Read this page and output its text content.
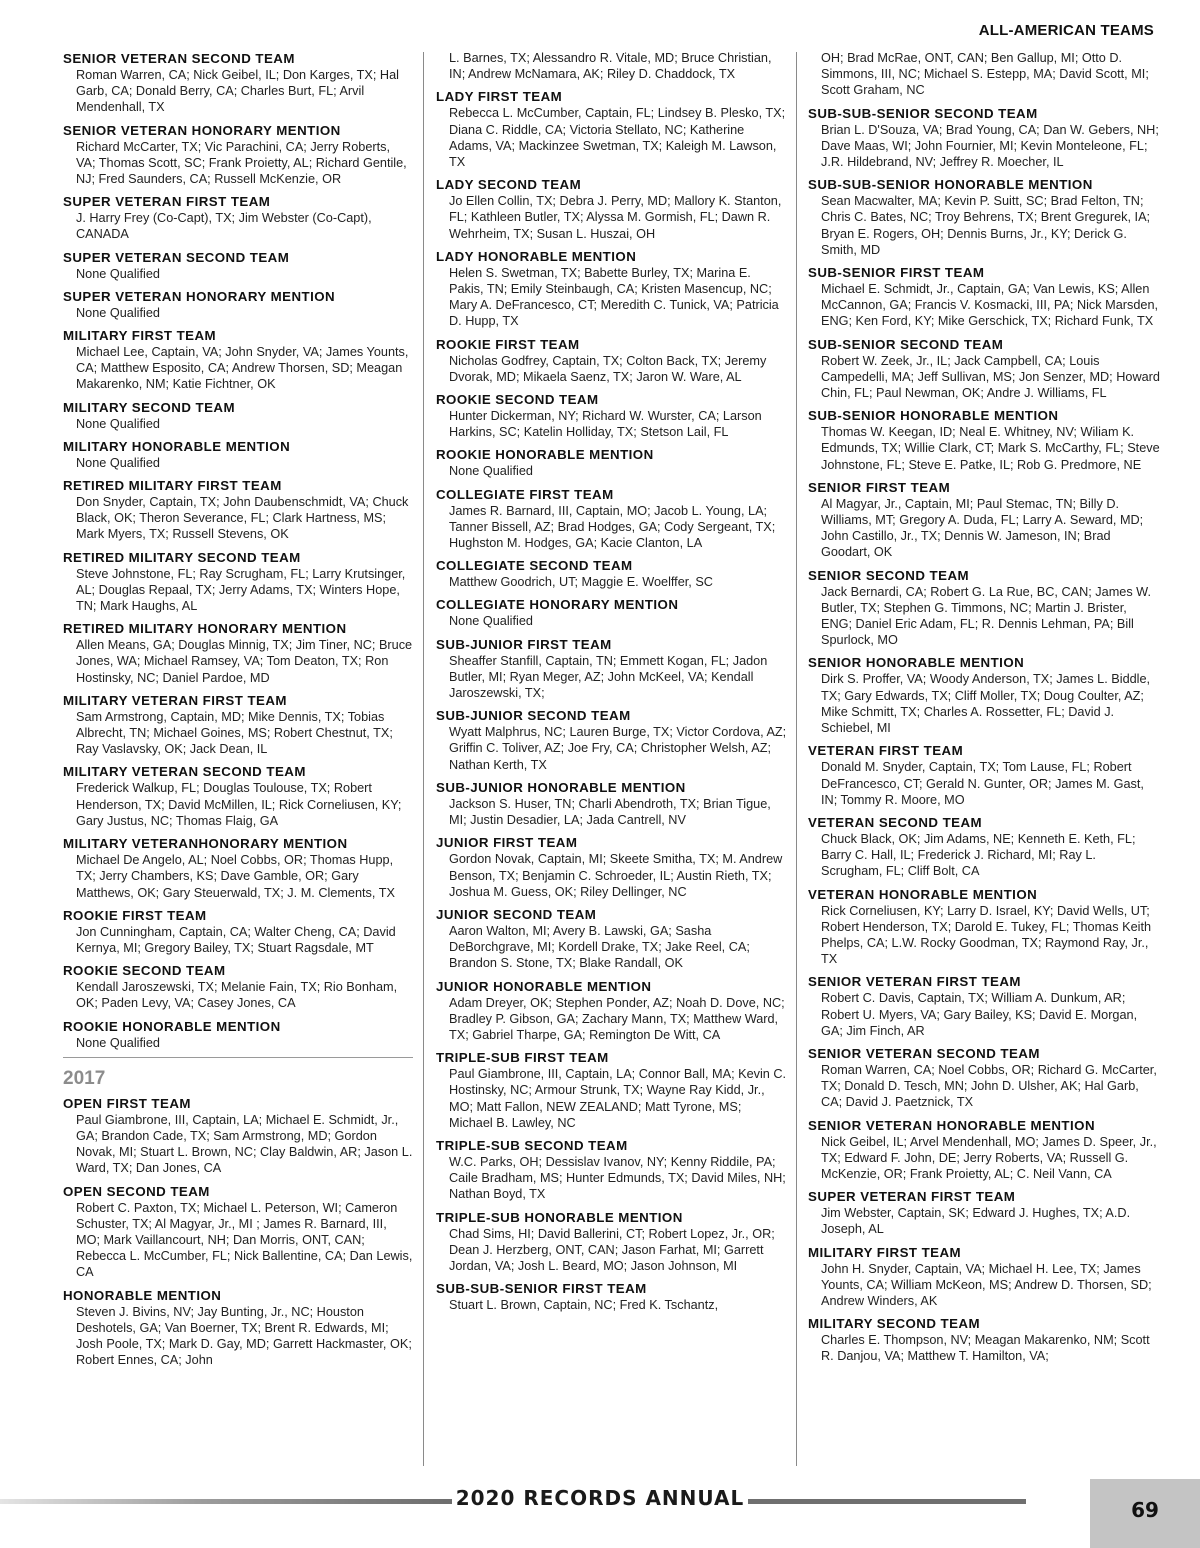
ALL-AMERICAN TEAMS
SENIOR VETERAN SECOND TEAM

Roman Warren, CA; Nick Geibel, IL; Don Karges, TX; Hal Garb, CA; Donald Berry, CA; Charles Burt, FL; Arvil Mendenhall, TX

SENIOR VETERAN HONORARY MENTION

Richard McCarter, TX; Vic Parachini, CA; Jerry Roberts, VA; Thomas Scott, SC; Frank Proietty, AL; Richard Gentile, NJ; Fred Saunders, CA; Russell McKenzie, OR

SUPER VETERAN FIRST TEAM

J. Harry Frey (Co-Capt), TX; Jim Webster (Co-Capt), CANADA

SUPER VETERAN SECOND TEAM

None Qualified

SUPER VETERAN HONORARY MENTION

None Qualified

MILITARY FIRST TEAM

Michael Lee, Captain, VA; John Snyder, VA; James Younts, CA; Matthew Esposito, CA; Andrew Thorsen, SD; Meagan Makarenko, NM; Katie Fichtner, OK

MILITARY SECOND TEAM

None Qualified

MILITARY HONORABLE MENTION

None Qualified

RETIRED MILITARY FIRST TEAM

Don Snyder, Captain, TX; John Daubenschmidt, VA; Chuck Black, OK; Theron Severance, FL; Clark Hartness, MS; Mark Myers, TX; Russell Stevens, OK

RETIRED MILITARY SECOND TEAM

Steve Johnstone, FL; Ray Scrugham, FL; Larry Krutsinger, AL; Douglas Repaal, TX; Jerry Adams, TX; Winters Hope, TN; Mark Haughs, AL

RETIRED MILITARY HONORARY MENTION

Allen Means, GA; Douglas Minnig, TX; Jim Tiner, NC; Bruce Jones, WA; Michael Ramsey, VA; Tom Deaton, TX; Ron Hostinsky, NC; Daniel Pardoe, MD

MILITARY VETERAN FIRST TEAM

Sam Armstrong, Captain, MD; Mike Dennis, TX; Tobias Albrecht, TN; Michael Goines, MS; Robert Chestnut, TX; Ray Vaslavsky, OK; Jack Dean, IL

MILITARY VETERAN SECOND TEAM

Frederick Walkup, FL; Douglas Toulouse, TX; Robert Henderson, TX; David McMillen, IL; Rick Corneliusen, KY; Gary Justus, NC; Thomas Flaig, GA

MILITARY VETERANHONORARY MENTION

Michael De Angelo, AL; Noel Cobbs, OR; Thomas Hupp, TX; Jerry Chambers, KS; Dave Gamble, OR; Gary Matthews, OK; Gary Steuerwald, TX; J. M. Clements, TX

ROOKIE FIRST TEAM

Jon Cunningham, Captain, CA; Walter Cheng, CA; David Kernya, MI; Gregory Bailey, TX; Stuart Ragsdale, MT

ROOKIE SECOND TEAM

Kendall Jaroszewski, TX; Melanie Fain, TX; Rio Bonham, OK; Paden Levy, VA; Casey Jones, CA

ROOKIE HONORABLE MENTION

None Qualified

2017
OPEN FIRST TEAM

Paul Giambrone, III, Captain, LA; Michael E. Schmidt, Jr., GA; Brandon Cade, TX; Sam Armstrong, MD; Gordon Novak, MI; Stuart L. Brown, NC; Clay Baldwin, AR; Jason L. Ward, TX; Dan Jones, CA

OPEN SECOND TEAM

Robert C. Paxton, TX; Michael L. Peterson, WI; Cameron Schuster, TX; Al Magyar, Jr., MI ; James R. Barnard, III, MO; Mark Vaillancourt, NH; Dan Morris, ONT, CAN; Rebecca L. McCumber, FL; Nick Ballentine, CA; Dan Lewis, CA

HONORABLE MENTION

Steven J. Bivins, NV; Jay Bunting, Jr., NC; Houston Deshotels, GA; Van Boerner, TX; Brent R. Edwards, MI; Josh Poole, TX; Mark D. Gay, MD; Garrett Hackmaster, OK; Robert Ennes, CA; John

L. Barnes, TX; Alessandro R. Vitale, MD; Bruce Christian, IN; Andrew McNamara, AK; Riley D. Chaddock, TX

LADY FIRST TEAM

Rebecca L. McCumber, Captain, FL; Lindsey B. Plesko, TX; Diana C. Riddle, CA; Victoria Stellato, NC; Katherine Adams, VA; Mackinzee Swetman, TX; Kaleigh M. Lawson, TX

LADY SECOND TEAM

Jo Ellen Collin, TX; Debra J. Perry, MD; Mallory K. Stanton, FL; Kathleen Butler, TX; Alyssa M. Gormish, FL; Dawn R. Wehrheim, TX; Susan L. Huszai, OH

LADY HONORABLE MENTION

Helen S. Swetman, TX; Babette Burley, TX; Marina E. Pakis, TN; Emily Steinbaugh, CA; Kristen Masencup, NC; Mary A. DeFrancesco, CT; Meredith C. Tunick, VA; Patricia D. Hupp, TX

ROOKIE FIRST TEAM

Nicholas Godfrey, Captain, TX; Colton Back, TX; Jeremy Dvorak, MD; Mikaela Saenz, TX; Jaron W. Ware, AL

ROOKIE SECOND TEAM

Hunter Dickerman, NY; Richard W. Wurster, CA; Larson Harkins, SC; Katelin Holliday, TX; Stetson Lail, FL

ROOKIE HONORABLE MENTION

None Qualified

COLLEGIATE FIRST TEAM

James R. Barnard, III, Captain, MO; Jacob L. Young, LA; Tanner Bissell, AZ; Brad Hodges, GA; Cody Sergeant, TX; Hughston M. Hodges, GA; Kacie Clanton, LA

COLLEGIATE SECOND TEAM

Matthew Goodrich, UT; Maggie E. Woelffer, SC

COLLEGIATE HONORARY MENTION

None Qualified

SUB-JUNIOR FIRST TEAM

Sheaffer Stanfill, Captain, TN; Emmett Kogan, FL; Jadon Butler, MI; Ryan Meger, AZ; John McKeel, VA; Kendall Jaroszewski, TX;

SUB-JUNIOR SECOND TEAM

Wyatt Malphrus, NC; Lauren Burge, TX; Victor Cordova, AZ; Griffin C. Toliver, AZ; Joe Fry, CA; Christopher Welsh, AZ; Nathan Kerth, TX

SUB-JUNIOR HONORABLE MENTION

Jackson S. Huser, TN; Charli Abendroth, TX; Brian Tigue, MI; Justin Desadier, LA; Jada Cantrell, NV

JUNIOR FIRST TEAM

Gordon Novak, Captain, MI; Skeete Smitha, TX; M. Andrew Benson, TX; Benjamin C. Schroeder, IL; Austin Rieth, TX; Joshua M. Guess, OK; Riley Dellinger, NC

JUNIOR SECOND TEAM

Aaron Walton, MI; Avery B. Lawski, GA; Sasha DeBorchgrave, MI; Kordell Drake, TX; Jake Reel, CA; Brandon S. Stone, TX; Blake Randall, OK

JUNIOR HONORABLE MENTION

Adam Dreyer, OK; Stephen Ponder, AZ; Noah D. Dove, NC; Bradley P. Gibson, GA; Zachary Mann, TX; Matthew Ward, TX; Gabriel Tharpe, GA; Remington De Witt, CA

TRIPLE-SUB FIRST TEAM

Paul Giambrone, III, Captain, LA; Connor Ball, MA; Kevin C. Hostinsky, NC; Armour Strunk, TX; Wayne Ray Kidd, Jr., MO; Matt Fallon, NEW ZEALAND; Matt Tyrone, MS; Michael B. Lawley, NC

TRIPLE-SUB SECOND TEAM

W.C. Parks, OH; Dessislav Ivanov, NY; Kenny Riddile, PA; Caile Bradham, MS; Hunter Edmunds, TX; David Miles, NH; Nathan Boyd, TX

TRIPLE-SUB HONORABLE MENTION

Chad Sims, HI; David Ballerini, CT; Robert Lopez, Jr., OR; Dean J. Herzberg, ONT, CAN; Jason Farhat, MI; Garrett Jordan, VA; Josh L. Beard, MO; Jason Johnson, MI

SUB-SUB-SENIOR FIRST TEAM

Stuart L. Brown, Captain, NC; Fred K. Tschantz,

OH; Brad McRae, ONT, CAN; Ben Gallup, MI; Otto D. Simmons, III, NC; Michael S. Estepp, MA; David Scott, MI; Scott Graham, NC

SUB-SUB-SENIOR SECOND TEAM

Brian L. D'Souza, VA; Brad Young, CA; Dan W. Gebers, NH; Dave Maas, WI; John Fournier, MI; Kevin Monteleone, FL; J.R. Hildebrand, NV; Jeffrey R. Moecher, IL

SUB-SUB-SENIOR HONORABLE MENTION

Sean Macwalter, MA; Kevin P. Suitt, SC; Brad Felton, TN; Chris C. Bates, NC; Troy Behrens, TX; Brent Gregurek, IA; Bryan E. Rogers, OH; Dennis Burns, Jr., KY; Derick G. Smith, MD

SUB-SENIOR FIRST TEAM

Michael E. Schmidt, Jr., Captain, GA; Van Lewis, KS; Allen McCannon, GA; Francis V. Kosmacki, III, PA; Nick Marsden, ENG; Ken Ford, KY; Mike Gerschick, TX; Richard Funk, TX

SUB-SENIOR SECOND TEAM

Robert W. Zeek, Jr., IL; Jack Campbell, CA; Louis Campedelli, MA; Jeff Sullivan, MS; Jon Senzer, MD; Howard Chin, FL; Paul Newman, OK; Andre J. Williams, FL

SUB-SENIOR HONORABLE MENTION

Thomas W. Keegan, ID; Neal E. Whitney, NV; Wiliam K. Edmunds, TX; Willie Clark, CT; Mark S. McCarthy, FL; Steve Johnstone, FL; Steve E. Patke, IL; Rob G. Predmore, NE

SENIOR FIRST TEAM

Al Magyar, Jr., Captain, MI; Paul Stemac, TN; Billy D. Williams, MT; Gregory A. Duda, FL; Larry A. Seward, MD; John Castillo, Jr., TX; Dennis W. Jameson, IN; Brad Goodart, OK

SENIOR SECOND TEAM

Jack Bernardi, CA; Robert G. La Rue, BC, CAN; James W. Butler, TX; Stephen G. Timmons, NC; Martin J. Brister, ENG; Daniel Eric Adam, FL; R. Dennis Lehman, PA; Bill Spurlock, MO

SENIOR HONORABLE MENTION

Dirk S. Proffer, VA; Woody Anderson, TX; James L. Biddle, TX; Gary Edwards, TX; Cliff Moller, TX; Doug Coulter, AZ; Mike Schmitt, TX; Charles A. Rossetter, FL; David J. Schiebel, MI

VETERAN FIRST TEAM

Donald M. Snyder, Captain, TX; Tom Lause, FL; Robert DeFrancesco, CT; Gerald N. Gunter, OR; James M. Gast, IN; Tommy R. Moore, MO

VETERAN SECOND TEAM

Chuck Black, OK; Jim Adams, NE; Kenneth E. Keth, FL; Barry C. Hall, IL; Frederick J. Richard, MI; Ray L. Scrugham, FL; Cliff Bolt, CA

VETERAN HONORABLE MENTION

Rick Corneliusen, KY; Larry D. Israel, KY; David Wells, UT; Robert Henderson, TX; Darold E. Tukey, FL; Thomas Keith Phelps, CA; L.W. Rocky Goodman, TX; Raymond Ray, Jr., TX

SENIOR VETERAN FIRST TEAM

Robert C. Davis, Captain, TX; William A. Dunkum, AR; Robert U. Myers, VA; Gary Bailey, KS; David E. Morgan, GA; Jim Finch, AR

SENIOR VETERAN SECOND TEAM

Roman Warren, CA; Noel Cobbs, OR; Richard G. McCarter, TX; Donald D. Tesch, MN; John D. Ulsher, AK; Hal Garb, CA; David J. Paetznick, TX

SENIOR VETERAN HONORABLE MENTION

Nick Geibel, IL; Arvel Mendenhall, MO; James D. Speer, Jr., TX; Edward F. John, DE; Jerry Roberts, VA; Russell G. McKenzie, OR; Frank Proietty, AL; C. Neil Vann, CA

SUPER VETERAN FIRST TEAM

Jim Webster, Captain, SK; Edward J. Hughes, TX; A.D. Joseph, AL

MILITARY FIRST TEAM

John H. Snyder, Captain, VA; Michael H. Lee, TX; James Younts, CA; William McKeon, MS; Andrew D. Thorsen, SD; Andrew Winders, AK

MILITARY SECOND TEAM

Charles E. Thompson, NV; Meagan Makarenko, NM; Scott R. Danjou, VA; Matthew T. Hamilton, VA;

2020 RECORDS ANNUAL	69
